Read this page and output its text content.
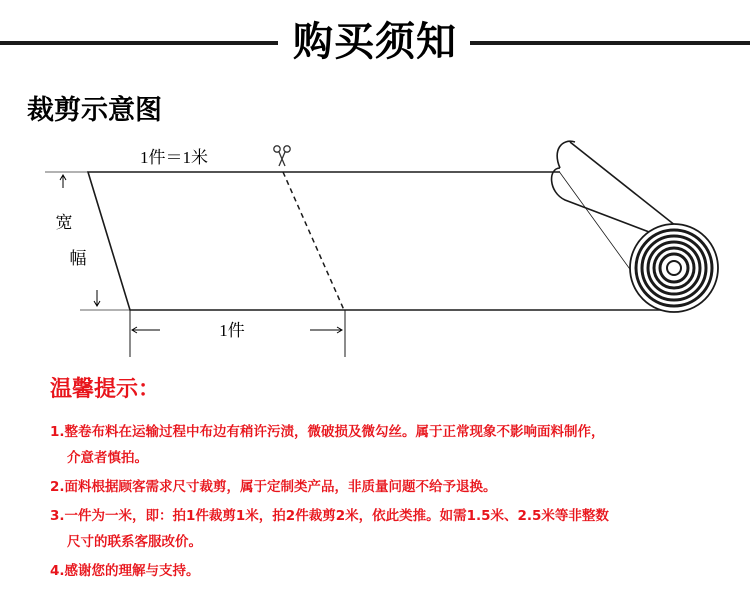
购买须知
裁剪示意图
1件＝1米
宽
幅
1件
温馨提示：
1.整卷布料在运输过程中布边有稍许污渍，微破损及微勾丝。属于正常现象不影响面料制作，
介意者慎拍。
2.面料根据顾客需求尺寸裁剪，属于定制类产品，非质量问题不给予退换。
3.一件为一米，即：拍1件裁剪1米，拍2件裁剪2米，依此类推。如需1.5米、2.5米等非整数
尺寸的联系客服改价。
4.感谢您的理解与支持。
